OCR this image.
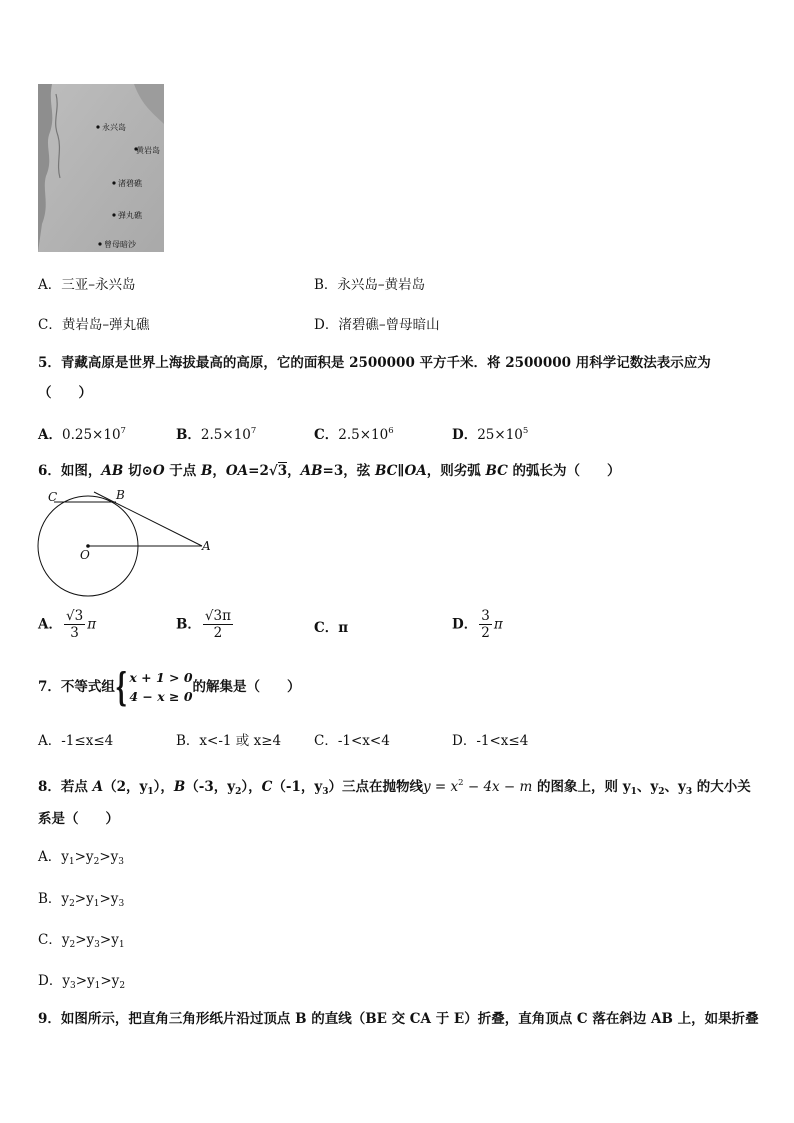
永兴岛
黄岩岛
渚碧礁
弹丸礁
曾母暗沙
A．三亚–永兴岛	B．永兴岛–黄岩岛
C．黄岩岛–弹丸礁	D．渚碧礁–曾母暗山
5．青藏高原是世界上海拔最高的高原，它的面积是 2500000 平方千米．将 2500000 用科学记数法表示应为
（　　）
A．$0.25\times 10^7$	B．$2.5\times 10^7$	C．$2.5\times 10^6$	D．$25\times 10^5$
6．如图，AB 切⊙O 于点 B，OA=2√3，AB=3，弦 BC∥OA，则劣弧 BC 的弧长为（　　）
C	B
O
A
A． $\frac{√3}{3}$ π	B． $\frac{√3\pi}{2}$	C．π	D． $\frac{3}{2}$ π
7．不等式组{ x + 1 > 0
4 − x ≥ 0
的解集是（　　）
A．-1≤x≤4	B．x<-1 或 x≥4 C．-1<x<4	D．-1<x≤4
8．若点 A（2，$y_1$），B（-3，$y_2$），C（-1，$y_3$）三点在抛物线$y = x^2 - 4x - m$ 的图象上，则 $y_1$、$y_2$、$y_3$ 的大小关
系是（　　）
A．$y_1>y_2>y_3$
B．$y_2>y_1>y_3$
C．$y_2>y_3>y_1$
D．$y_3>y_1>y_2$
9．如图所示，把直角三角形纸片沿过顶点 B 的直线（BE 交 CA 于 E）折叠，直角顶点 C 落在斜边 AB 上，如果折叠
